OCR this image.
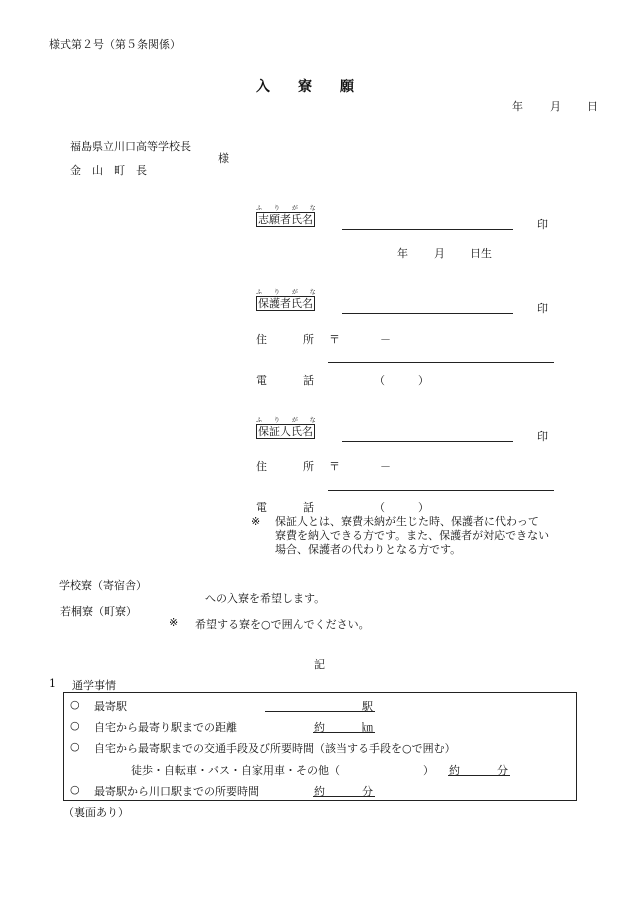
様式第２号（第５条関係）
入　　寮　　願
年 月 日
福島県立川口高等学校長
様
金　山　町　長
ふ り が な
志願者氏名	印
年 月 日生
ふ り が な
保護者氏名	印
住	所 〒	－
電	話	（　　　）
ふ り が な
保証人氏名	印
住	所 〒	－
電	話	（　　　）
※ 保証人とは、寮費未納が生じた時、保護者に代わって
寮費を納入できる方です。また、保護者が対応できない
場合、保護者の代わりとなる方です。
学校寮（寄宿舎）
への入寮を希望します。
若桐寮（町寮）
※ 希望する寮を○で囲んでください。
記
1 通学事情
○ 最寄駅	駅
○ 自宅から最寄り駅までの距離	約	㎞
○ 自宅から最寄駅までの交通手段及び所要時間（該当する手段を○で囲む）
徒歩・自転車・バス・自家用車・その他（	） 約	分
○ 最寄駅から川口駅までの所要時間	約	分
（裏面あり）
